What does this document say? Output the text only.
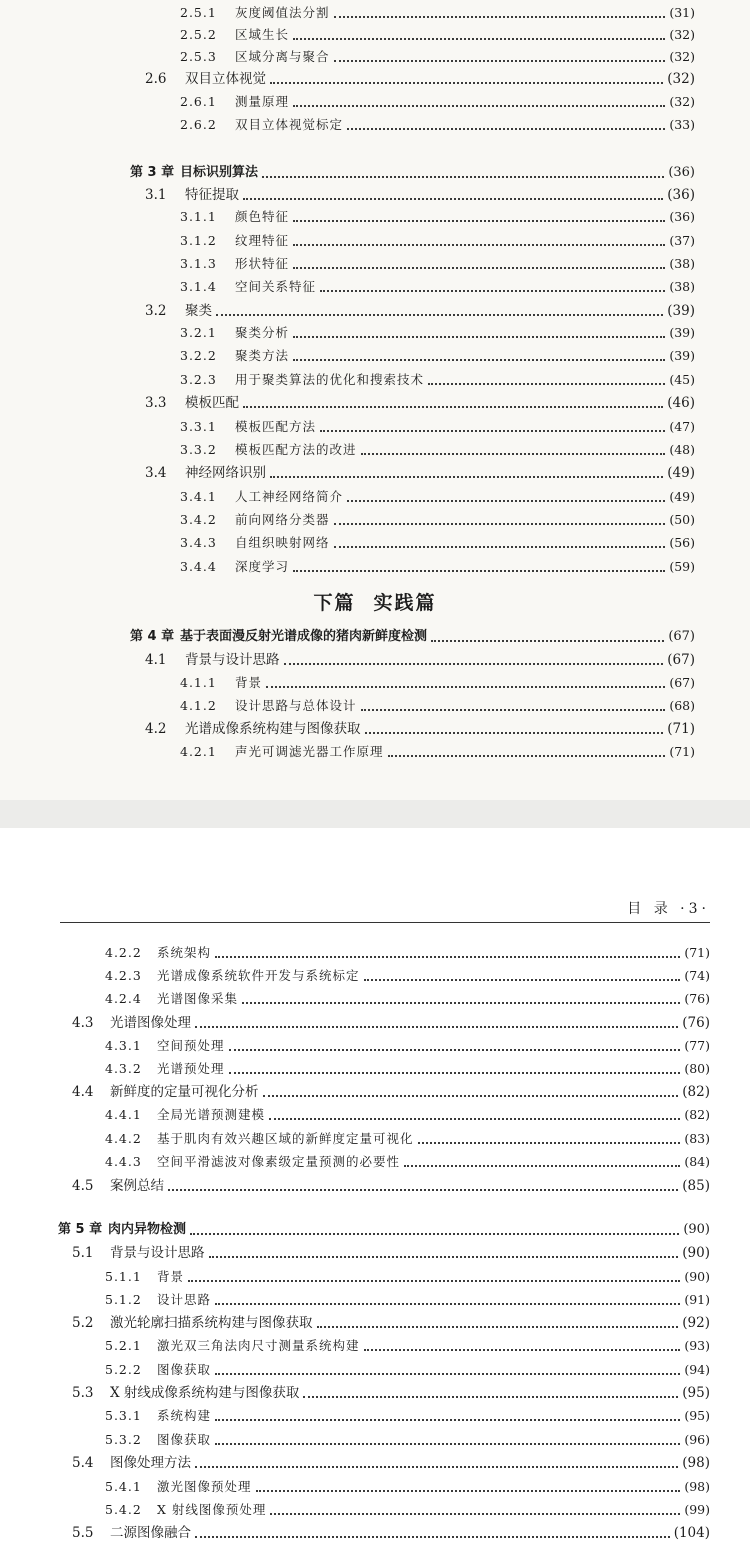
下篇 实践篇
2.5.1	灰度阈值法分割	(31)
2.5.2	区域生长	(32)
2.5.3	区域分离与聚合	(32)
2.6	双目立体视觉	(32)
2.6.1	测量原理	(32)
2.6.2	双目立体视觉标定	(33)
第 3 章 目标识别算法	(36)
3.1	特征提取	(36)
3.1.1	颜色特征	(36)
3.1.2	纹理特征	(37)
3.1.3	形状特征	(38)
3.1.4	空间关系特征	(38)
3.2	聚类	(39)
3.2.1	聚类分析	(39)
3.2.2	聚类方法	(39)
3.2.3	用于聚类算法的优化和搜索技术	(45)
3.3	模板匹配	(46)
3.3.1	模板匹配方法	(47)
3.3.2	模板匹配方法的改进	(48)
3.4	神经网络识别	(49)
3.4.1	人工神经网络简介	(49)
3.4.2	前向网络分类器	(50)
3.4.3	自组织映射网络	(56)
3.4.4	深度学习	(59)
第 4 章 基于表面漫反射光谱成像的猪肉新鲜度检测	(67)
4.1	背景与设计思路	(67)
4.1.1	背景	(67)
4.1.2	设计思路与总体设计	(68)
4.2	光谱成像系统构建与图像获取	(71)
4.2.1	声光可调滤光器工作原理	(71)
4.2.2	系统架构	(71)
4.2.3	光谱成像系统软件开发与系统标定	(74)
4.2.4	光谱图像采集	(76)
4.3	光谱图像处理	(76)
4.3.1	空间预处理	(77)
4.3.2	光谱预处理	(80)
4.4	新鲜度的定量可视化分析	(82)
4.4.1	全局光谱预测建模	(82)
4.4.2	基于肌肉有效兴趣区域的新鲜度定量可视化	(83)
4.4.3	空间平滑滤波对像素级定量预测的必要性	(84)
4.5	案例总结	(85)
第 5 章 肉内异物检测	(90)
5.1	背景与设计思路	(90)
5.1.1	背景	(90)
5.1.2	设计思路	(91)
5.2	激光轮廓扫描系统构建与图像获取	(92)
5.2.1	激光双三角法肉尺寸测量系统构建	(93)
5.2.2	图像获取	(94)
5.3	X 射线成像系统构建与图像获取	(95)
5.3.1	系统构建	(95)
5.3.2	图像获取	(96)
5.4	图像处理方法	(98)
5.4.1	激光图像预处理	(98)
5.4.2	X 射线图像预处理	(99)
5.5	二源图像融合	(104)
目 录 ·3·
